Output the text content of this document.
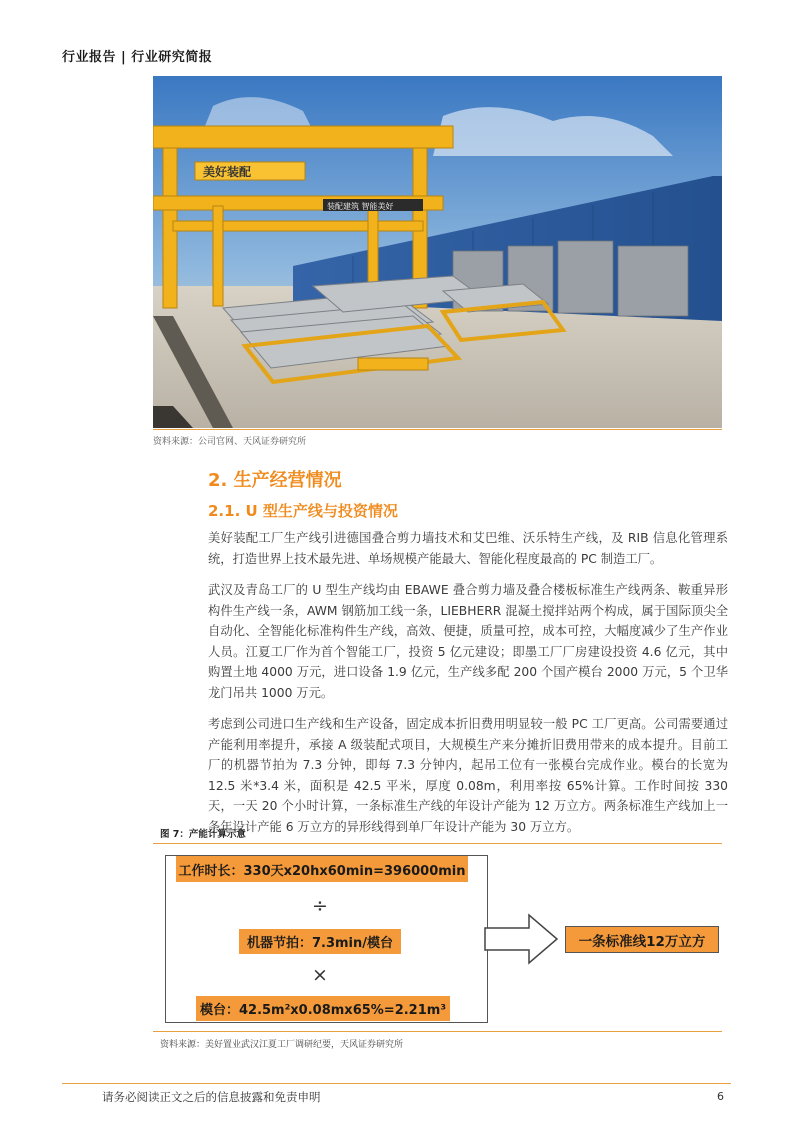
行业报告 | 行业研究简报
美好装配
装配建筑 智能美好
资料来源：公司官网、天风证券研究所
2. 生产经营情况
2.1. U 型生产线与投资情况

美好装配工厂生产线引进德国叠合剪力墙技术和艾巴维、沃乐特生产线，及 RIB 信息化管理系统，打造世界上技术最先进、单场规模产能最大、智能化程度最高的 PC 制造工厂。

武汉及青岛工厂的 U 型生产线均由 EBAWE 叠合剪力墙及叠合楼板标准生产线两条、鞍重异形构件生产线一条，AWM 钢筋加工线一条，LIEBHERR 混凝土搅拌站两个构成，属于国际顶尖全自动化、全智能化标准构件生产线，高效、便捷，质量可控，成本可控，大幅度减少了生产作业人员。江夏工厂作为首个智能工厂，投资 5 亿元建设；即墨工厂厂房建设投资 4.6 亿元，其中购置土地 4000 万元，进口设备 1.9 亿元，生产线多配 200 个国产模台 2000 万元，5 个卫华龙门吊共 1000 万元。

考虑到公司进口生产线和生产设备，固定成本折旧费用明显较一般 PC 工厂更高。公司需要通过产能利用率提升，承接 A 级装配式项目，大规模生产来分摊折旧费用带来的成本提升。目前工厂的机器节拍为 7.3 分钟，即每 7.3 分钟内，起吊工位有一张模台完成作业。模台的长宽为 12.5 米*3.4 米，面积是 42.5 平米，厚度 0.08m，利用率按 65%计算。工作时间按 330 天，一天 20 个小时计算，一条标准生产线的年设计产能为 12 万立方。两条标准生产线加上一条年设计产能 6 万立方的异形线得到单厂年设计产能为 30 万立方。

图 7：产能计算示意
工作时长：330天x20hx60min=396000min
÷
机器节拍：7.3min/模台
×
模台：42.5m²x0.08mx65%=2.21m³
一条标准线12万立方
资料来源：美好置业武汉江夏工厂调研纪要，天风证券研究所
请务必阅读正文之后的信息披露和免责申明	6
